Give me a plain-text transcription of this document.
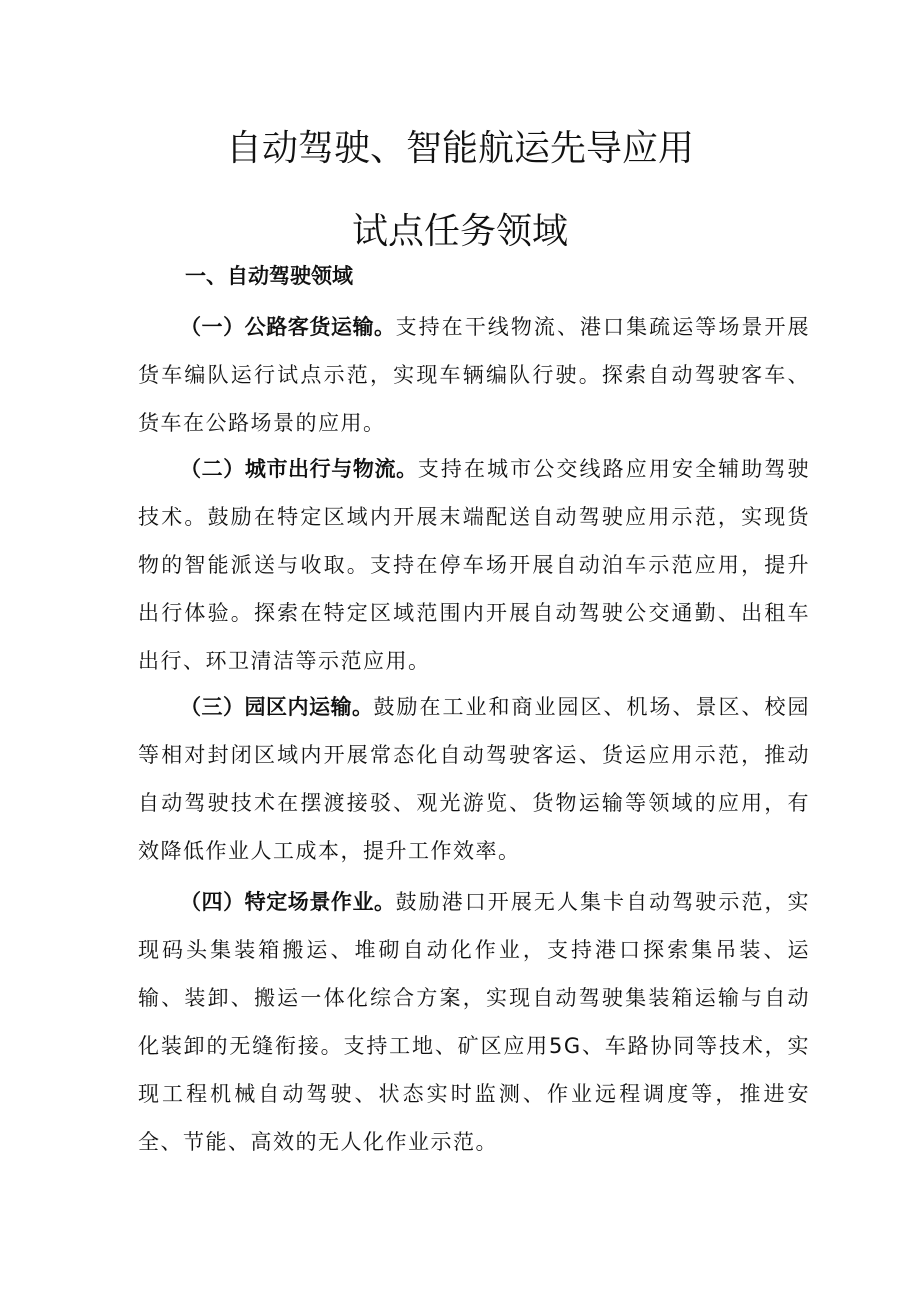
自动驾驶、智能航运先导应用
试点任务领域
一、自动驾驶领域

（一）公路客货运输。支持在干线物流、港口集疏运等场景开展货车编队运行试点示范，实现车辆编队行驶。探索自动驾驶客车、货车在公路场景的应用。

（二）城市出行与物流。支持在城市公交线路应用安全辅助驾驶技术。鼓励在特定区域内开展末端配送自动驾驶应用示范，实现货物的智能派送与收取。支持在停车场开展自动泊车示范应用，提升出行体验。探索在特定区域范围内开展自动驾驶公交通勤、出租车出行、环卫清洁等示范应用。

（三）园区内运输。鼓励在工业和商业园区、机场、景区、校园等相对封闭区域内开展常态化自动驾驶客运、货运应用示范，推动自动驾驶技术在摆渡接驳、观光游览、货物运输等领域的应用，有效降低作业人工成本，提升工作效率。

（四）特定场景作业。鼓励港口开展无人集卡自动驾驶示范，实现码头集装箱搬运、堆砌自动化作业，支持港口探索集吊装、运输、装卸、搬运一体化综合方案，实现自动驾驶集装箱运输与自动化装卸的无缝衔接。支持工地、矿区应用5G、车路协同等技术，实现工程机械自动驾驶、状态实时监测、作业远程调度等，推进安全、节能、高效的无人化作业示范。
